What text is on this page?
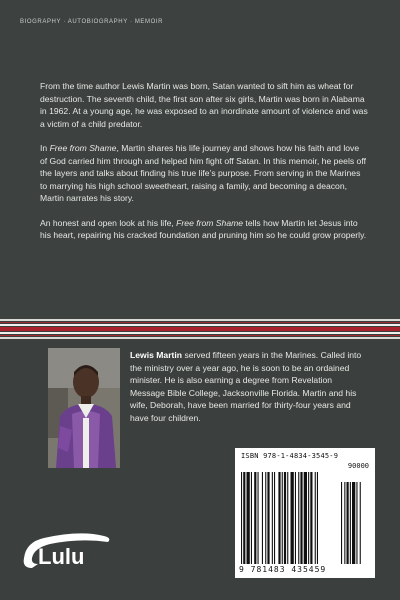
BIOGRAPHY · AUTOBIOGRAPHY · MEMOIR

From the time author Lewis Martin was born, Satan wanted to sift him as wheat for destruction. The seventh child, the first son after six girls, Martin was born in Alabama in 1962. At a young age, he was exposed to an inordinate amount of violence and was a victim of a child predator.

In Free from Shame, Martin shares his life journey and shows how his faith and love of God carried him through and helped him fight off Satan. In this memoir, he peels off the layers and talks about finding his true life’s purpose. From serving in the Marines to marrying his high school sweetheart, raising a family, and becoming a deacon, Martin narrates his story.

An honest and open look at his life, Free from Shame tells how Martin let Jesus into his heart, repairing his cracked foundation and pruning him so he could grow properly.

Lewis Martin served fifteen years in the Marines. Called into the ministry over a year ago, he is soon to be an ordained minister. He is also earning a degree from Revelation Message Bible College, Jacksonville Florida. Martin and his wife, Deborah, have been married for thirty-four years and have four children.
Lulu
ISBN 978-1-4834-3545-9
90000
9 781483 435459
